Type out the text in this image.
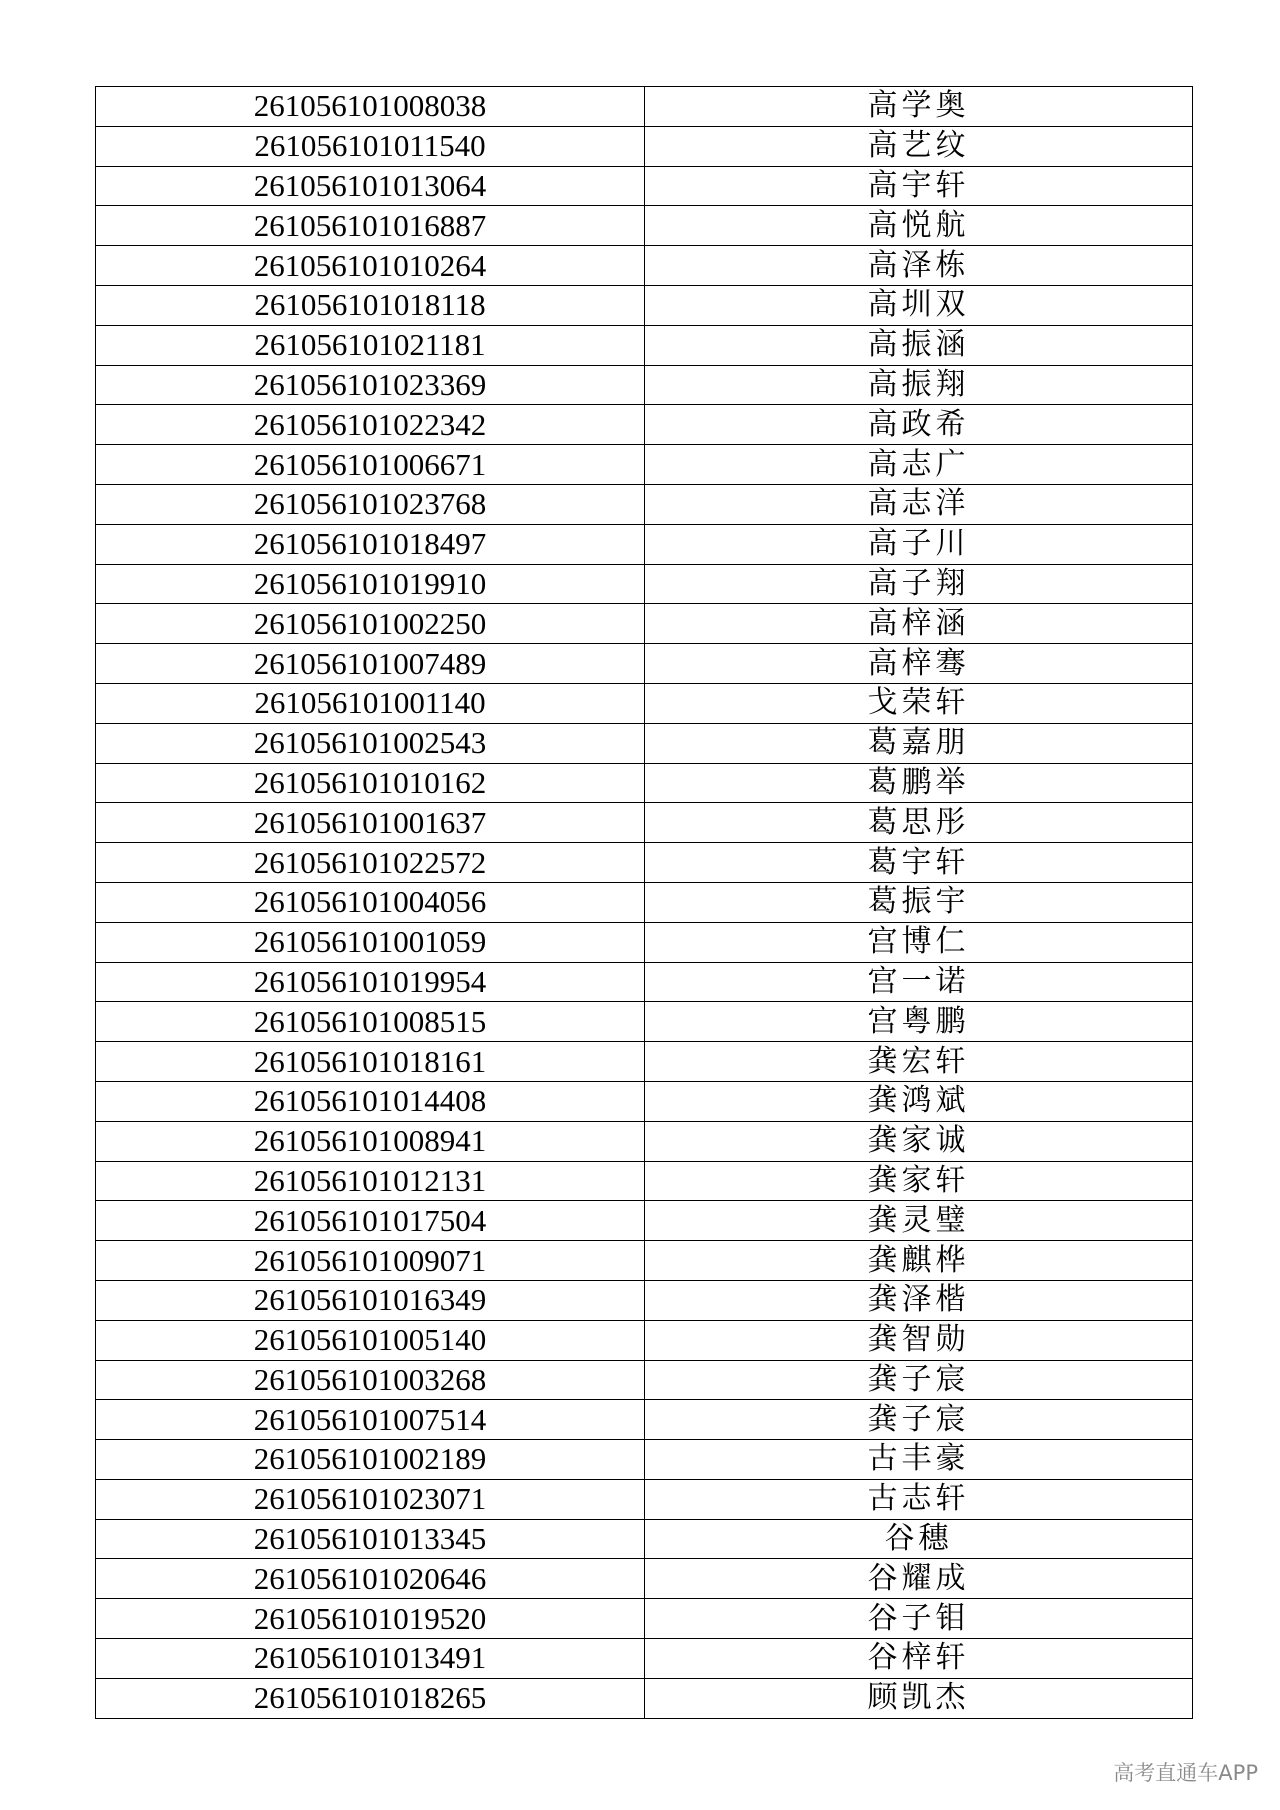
261056101008038	高学奥
261056101011540	高艺纹
261056101013064	高宇轩
261056101016887	高悦航
261056101010264	高泽栋
261056101018118	高圳双
261056101021181	高振涵
261056101023369	高振翔
261056101022342	高政希
261056101006671	高志广
261056101023768	高志洋
261056101018497	高子川
261056101019910	高子翔
261056101002250	高梓涵
261056101007489	高梓骞
261056101001140	戈荣轩
261056101002543	葛嘉朋
261056101010162	葛鹏举
261056101001637	葛思彤
261056101022572	葛宇轩
261056101004056	葛振宇
261056101001059	宫博仁
261056101019954	宫一诺
261056101008515	宫粤鹏
261056101018161	龚宏轩
261056101014408	龚鸿斌
261056101008941	龚家诚
261056101012131	龚家轩
261056101017504	龚灵璧
261056101009071	龚麒桦
261056101016349	龚泽楷
261056101005140	龚智勋
261056101003268	龚子宸
261056101007514	龚子宸
261056101002189	古丰豪
261056101023071	古志轩
261056101013345	谷穗
261056101020646	谷耀成
261056101019520	谷子钼
261056101013491	谷梓轩
261056101018265	顾凯杰
高考直通车APP
